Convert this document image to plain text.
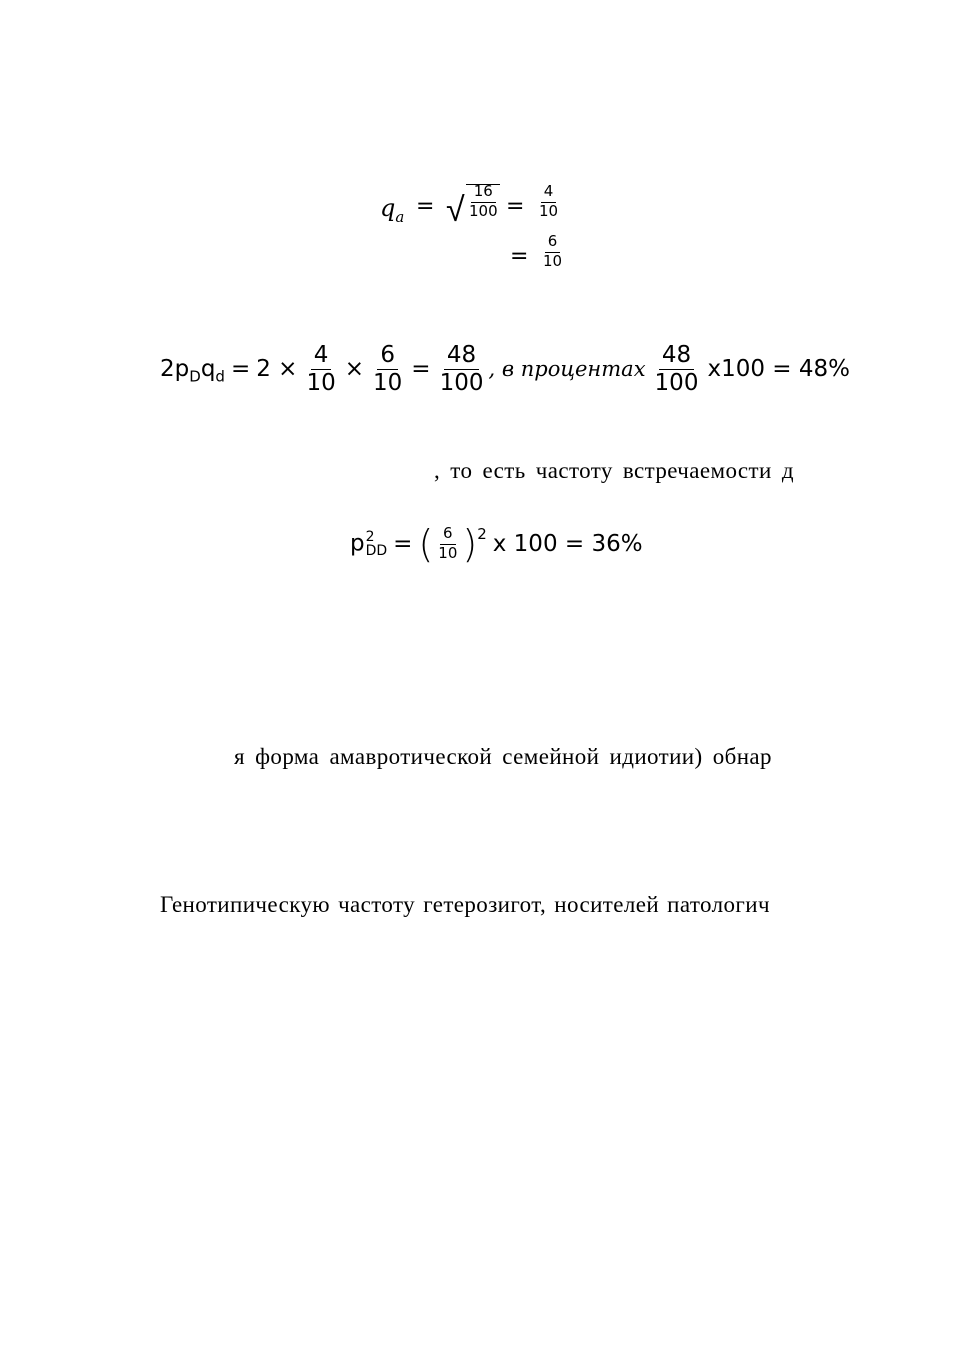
$q_a$ = √ $\frac{16}{100} = \frac{4}{10}$
= $\frac{6}{10}$
$2p_Dq_d = 2 \times \frac{4}{10} \times \frac{6}{10} = \frac{48}{100}$ , в процентах $\frac{48}{100} x100 = 48\%$
, то есть частоту встречаемости д
p 2
DD = ( $\frac{6}{10} )^2$ x 100 = 36%
я форма амавротической семейной идиотии) обнар
Генотипическую частоту гетерозигот, носителей патологич
